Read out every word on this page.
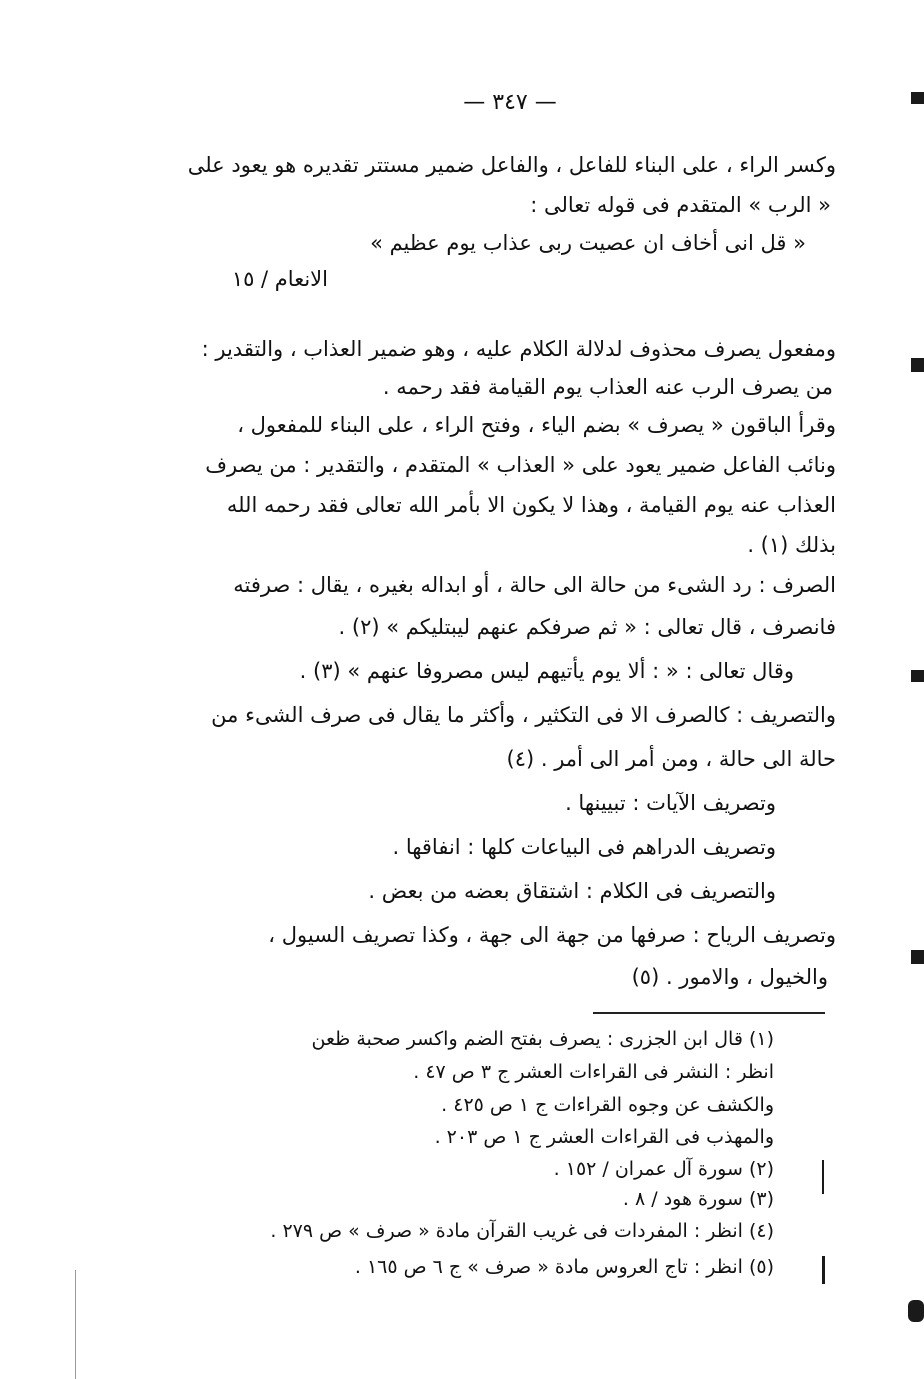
— ٣٤٧ —
وكسر الراء ، على البناء للفاعل ، والفاعل ضمير مستتر تقديره هو يعود على
« الرب » المتقدم فى قوله تعالى :
« قل انى أخاف ان عصيت ربى عذاب يوم عظيم »
الانعام / ١٥
ومفعول يصرف محذوف لدلالة الكلام عليه ، وهو ضمير العذاب ، والتقدير :
من يصرف الرب عنه العذاب يوم القيامة فقد رحمه .
وقرأ الباقون « يصرف » بضم الياء ، وفتح الراء ، على البناء للمفعول ،
ونائب الفاعل ضمير يعود على « العذاب » المتقدم ، والتقدير : من يصرف
العذاب عنه يوم القيامة ، وهذا لا يكون الا بأمر الله تعالى فقد رحمه الله
بذلك (١) .
الصرف : رد الشىء من حالة الى حالة ، أو ابداله بغيره ، يقال : صرفته
فانصرف ، قال تعالى : « ثم صرفكم عنهم ليبتليكم » (٢) .
وقال تعالى : « : ألا يوم يأتيهم ليس مصروفا عنهم » (٣) .
والتصريف : كالصرف الا فى التكثير ، وأكثر ما يقال فى صرف الشىء من
حالة الى حالة ، ومن أمر الى أمر . (٤)
وتصريف الآيات : تبيينها .
وتصريف الدراهم فى البياعات كلها : انفاقها .
والتصريف فى الكلام : اشتقاق بعضه من بعض .
وتصريف الرياح : صرفها من جهة الى جهة ، وكذا تصريف السيول ،
والخيول ، والامور . (٥)
(١) قال ابن الجزرى : يصرف بفتح الضم واكسر صحبة ظعن
انظر : النشر فى القراءات العشر ج ٣ ص ٤٧ .
والكشف عن وجوه القراءات ج ١ ص ٤٢٥ .
والمهذب فى القراءات العشر ج ١ ص ٢٠٣ .
(٢) سورة آل عمران / ١٥٢ .
(٣) سورة هود / ٨ .
(٤) انظر : المفردات فى غريب القرآن مادة « صرف » ص ٢٧٩ .
(٥) انظر : تاج العروس مادة « صرف » ج ٦ ص ١٦٥ .
